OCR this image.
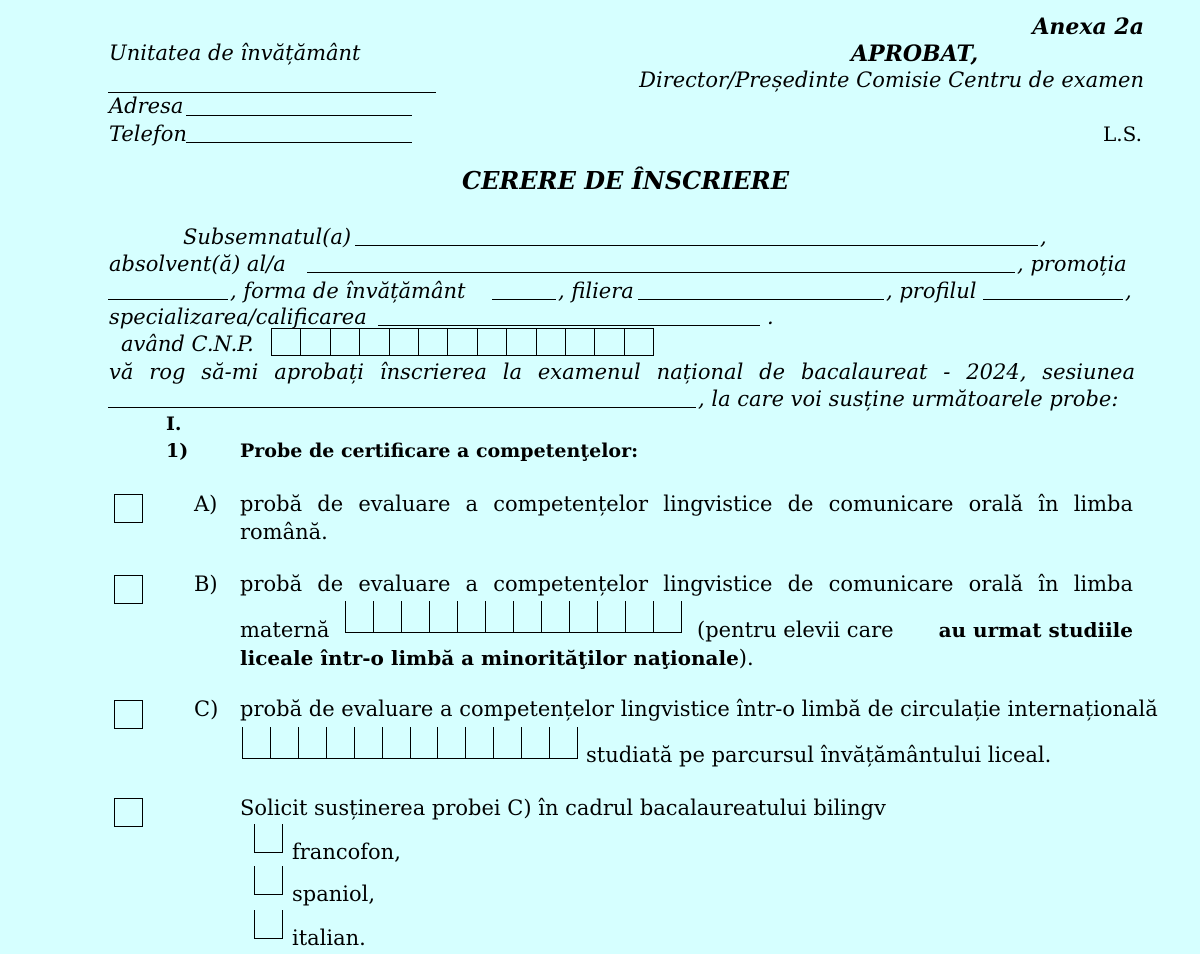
Anexa 2a
Unitatea de învățământ	APROBAT,
Director/Președinte Comisie Centru de examen
Adresa
Telefon	L.S.
CERERE DE ÎNSCRIERE
Subsemnatul(a)	,
absolvent(ă) al/a	, promoția
, forma de învățământ	, filiera	, profilul	,
specializarea/calificarea	.
având C.N.P.
vă rog să-mi aprobați înscrierea la examenul național de bacalaureat - 2024, sesiunea
, la care voi susține următoarele probe:
I.
1)	Probe de certificare a competenţelor:
A) probă de evaluare a competențelor lingvistice de comunicare orală în limba
română.
B) probă de evaluare a competențelor lingvistice de comunicare orală în limba
maternă	(pentru elevii care au urmat studiile
liceale într-o limbă a minorităţilor naţionale).
C) probă de evaluare a competențelor lingvistice într-o limbă de circulație internațională
studiată pe parcursul învățământului liceal.
Solicit susținerea probei C) în cadrul bacalaureatului bilingv
francofon,
spaniol,
italian.
